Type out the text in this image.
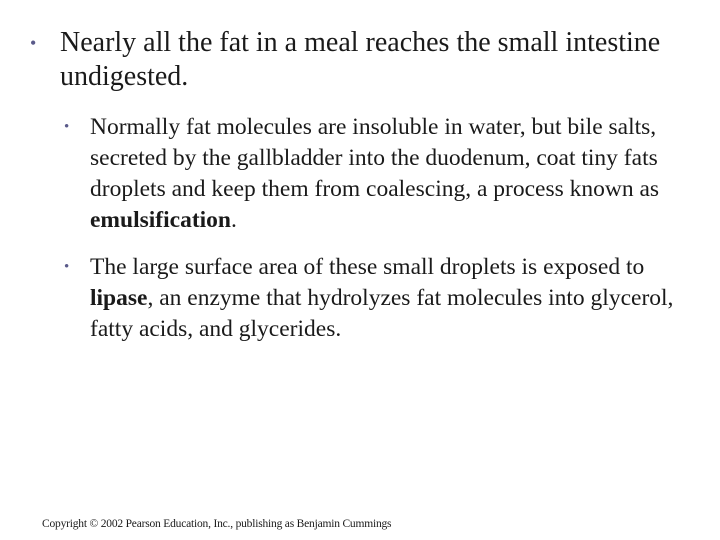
• Nearly all the fat in a meal reaches the small intestine undigested.
• Normally fat molecules are insoluble in water, but bile salts, secreted by the gallbladder into the duodenum, coat tiny fats droplets and keep them from coalescing, a process known as emulsification.
• The large surface area of these small droplets is exposed to lipase, an enzyme that hydrolyzes fat molecules into glycerol, fatty acids, and glycerides.
Copyright © 2002 Pearson Education, Inc., publishing as Benjamin Cummings
